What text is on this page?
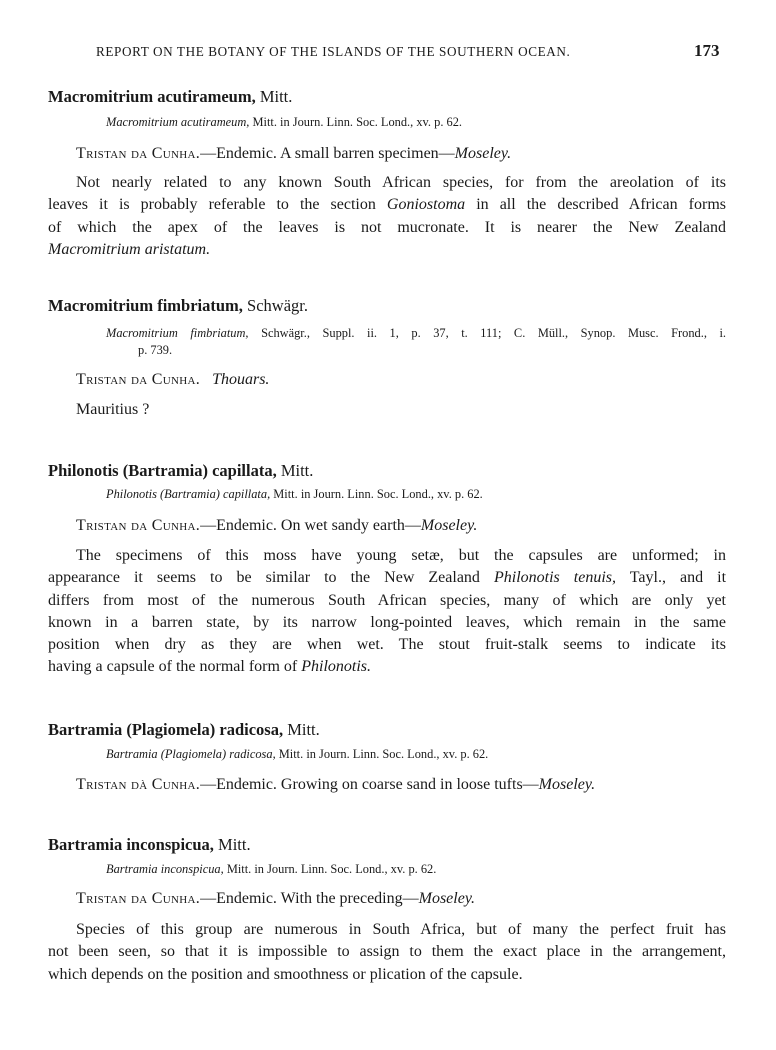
REPORT ON THE BOTANY OF THE ISLANDS OF THE SOUTHERN OCEAN.	173
Macromitrium acutirameum, Mitt.
Macromitrium acutirameum, Mitt. in Journ. Linn. Soc. Lond., xv. p. 62.
Tristan da Cunha.—Endemic. A small barren specimen—Moseley.
Not nearly related to any known South African species, for from the areolation of its
leaves it is probably referable to the section Goniostoma in all the described African forms
of which the apex of the leaves is not mucronate. It is nearer the New Zealand
Macromitrium aristatum.
Macromitrium fimbriatum, Schwägr.
Macromitrium fimbriatum, Schwägr., Suppl. ii. 1, p. 37, t. 111; C. Müll., Synop. Musc. Frond., i.
p. 739.
Tristan da Cunha. Thouars.
Mauritius ?
Philonotis (Bartramia) capillata, Mitt.
Philonotis (Bartramia) capillata, Mitt. in Journ. Linn. Soc. Lond., xv. p. 62.
Tristan da Cunha.—Endemic. On wet sandy earth—Moseley.
The specimens of this moss have young setæ, but the capsules are unformed; in
appearance it seems to be similar to the New Zealand Philonotis tenuis, Tayl., and it
differs from most of the numerous South African species, many of which are only yet
known in a barren state, by its narrow long-pointed leaves, which remain in the same
position when dry as they are when wet. The stout fruit-stalk seems to indicate its
having a capsule of the normal form of Philonotis.
Bartramia (Plagiomela) radicosa, Mitt.
Bartramia (Plagiomela) radicosa, Mitt. in Journ. Linn. Soc. Lond., xv. p. 62.
Tristan dà Cunha.—Endemic. Growing on coarse sand in loose tufts—Moseley.
Bartramia inconspicua, Mitt.
Bartramia inconspicua, Mitt. in Journ. Linn. Soc. Lond., xv. p. 62.
Tristan da Cunha.—Endemic. With the preceding—Moseley.
Species of this group are numerous in South Africa, but of many the perfect fruit has
not been seen, so that it is impossible to assign to them the exact place in the arrangement,
which depends on the position and smoothness or plication of the capsule.
